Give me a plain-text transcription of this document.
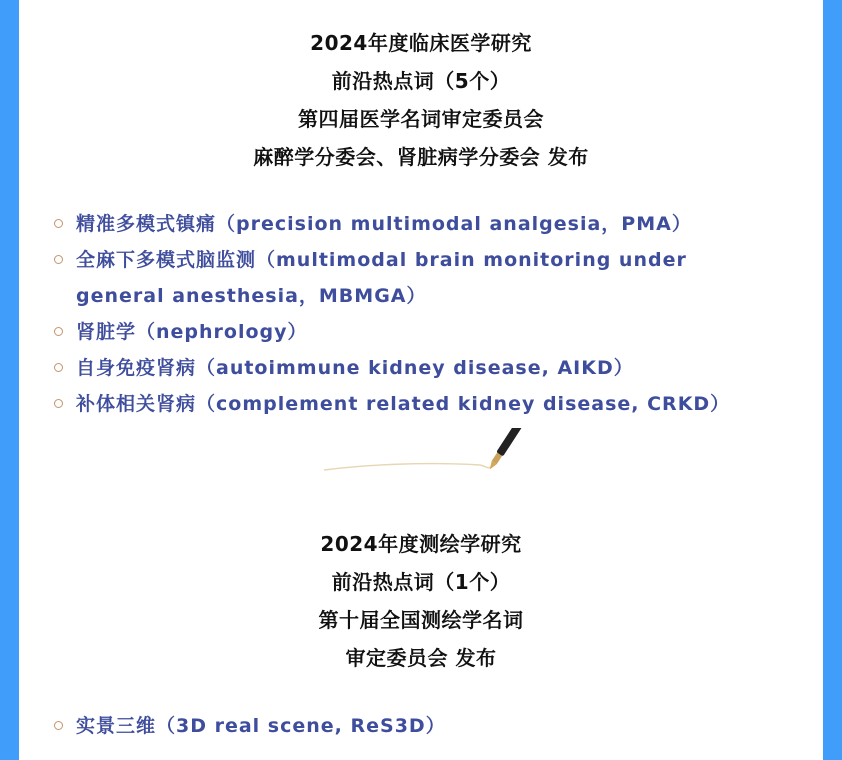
2024年度临床医学研究
前沿热点词（5个）
第四届医学名词审定委员会
麻醉学分委会、肾脏病学分委会 发布
精准多模式镇痛（precision multimodal analgesia，PMA）
全麻下多模式脑监测（multimodal brain monitoring under general anesthesia，MBMGA）
肾脏学（nephrology）
自身免疫肾病（autoimmune kidney disease, AIKD）
补体相关肾病（complement related kidney disease, CRKD）
2024年度测绘学研究
前沿热点词（1个）
第十届全国测绘学名词
审定委员会 发布
实景三维（3D real scene, ReS3D）
